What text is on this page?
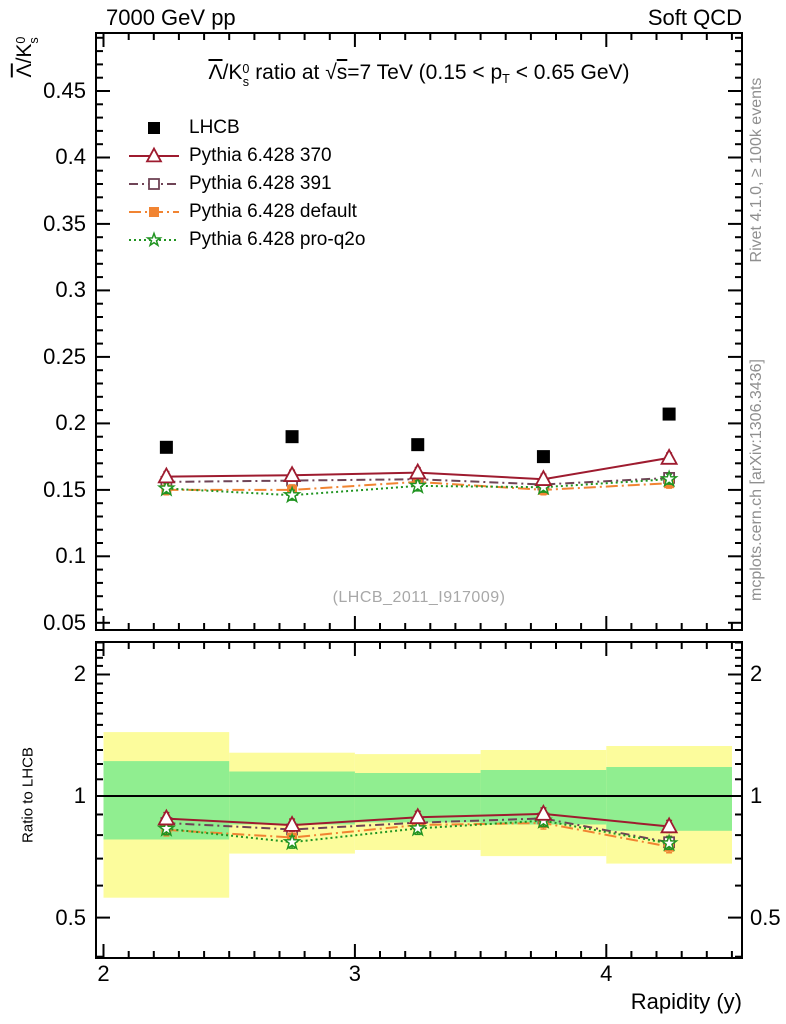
7000 GeV pp	Soft QCD
$\overline{\Lambda}/K$ 0
s ratio at √s=7 TeV ($0.15 < p_T < 0.65$ GeV)
$\overline{\Lambda}/K$
0 s
LHCB
Pythia 6.428 370
Pythia 6.428 391
Pythia 6.428 default
Pythia 6.428 pro-q2o
(LHCB_2011_I917009)
Rivet 4.1.0, ≥ 100k events
mcplots.cern.ch [arXiv:1306.3436]
Ratio to LHCB
Rapidity (y)
0.05
0.1
0.15
0.2
0.25
0.3
0.35
0.4
0.45
0.5
1
2
0.5
1
2
2	3	4
